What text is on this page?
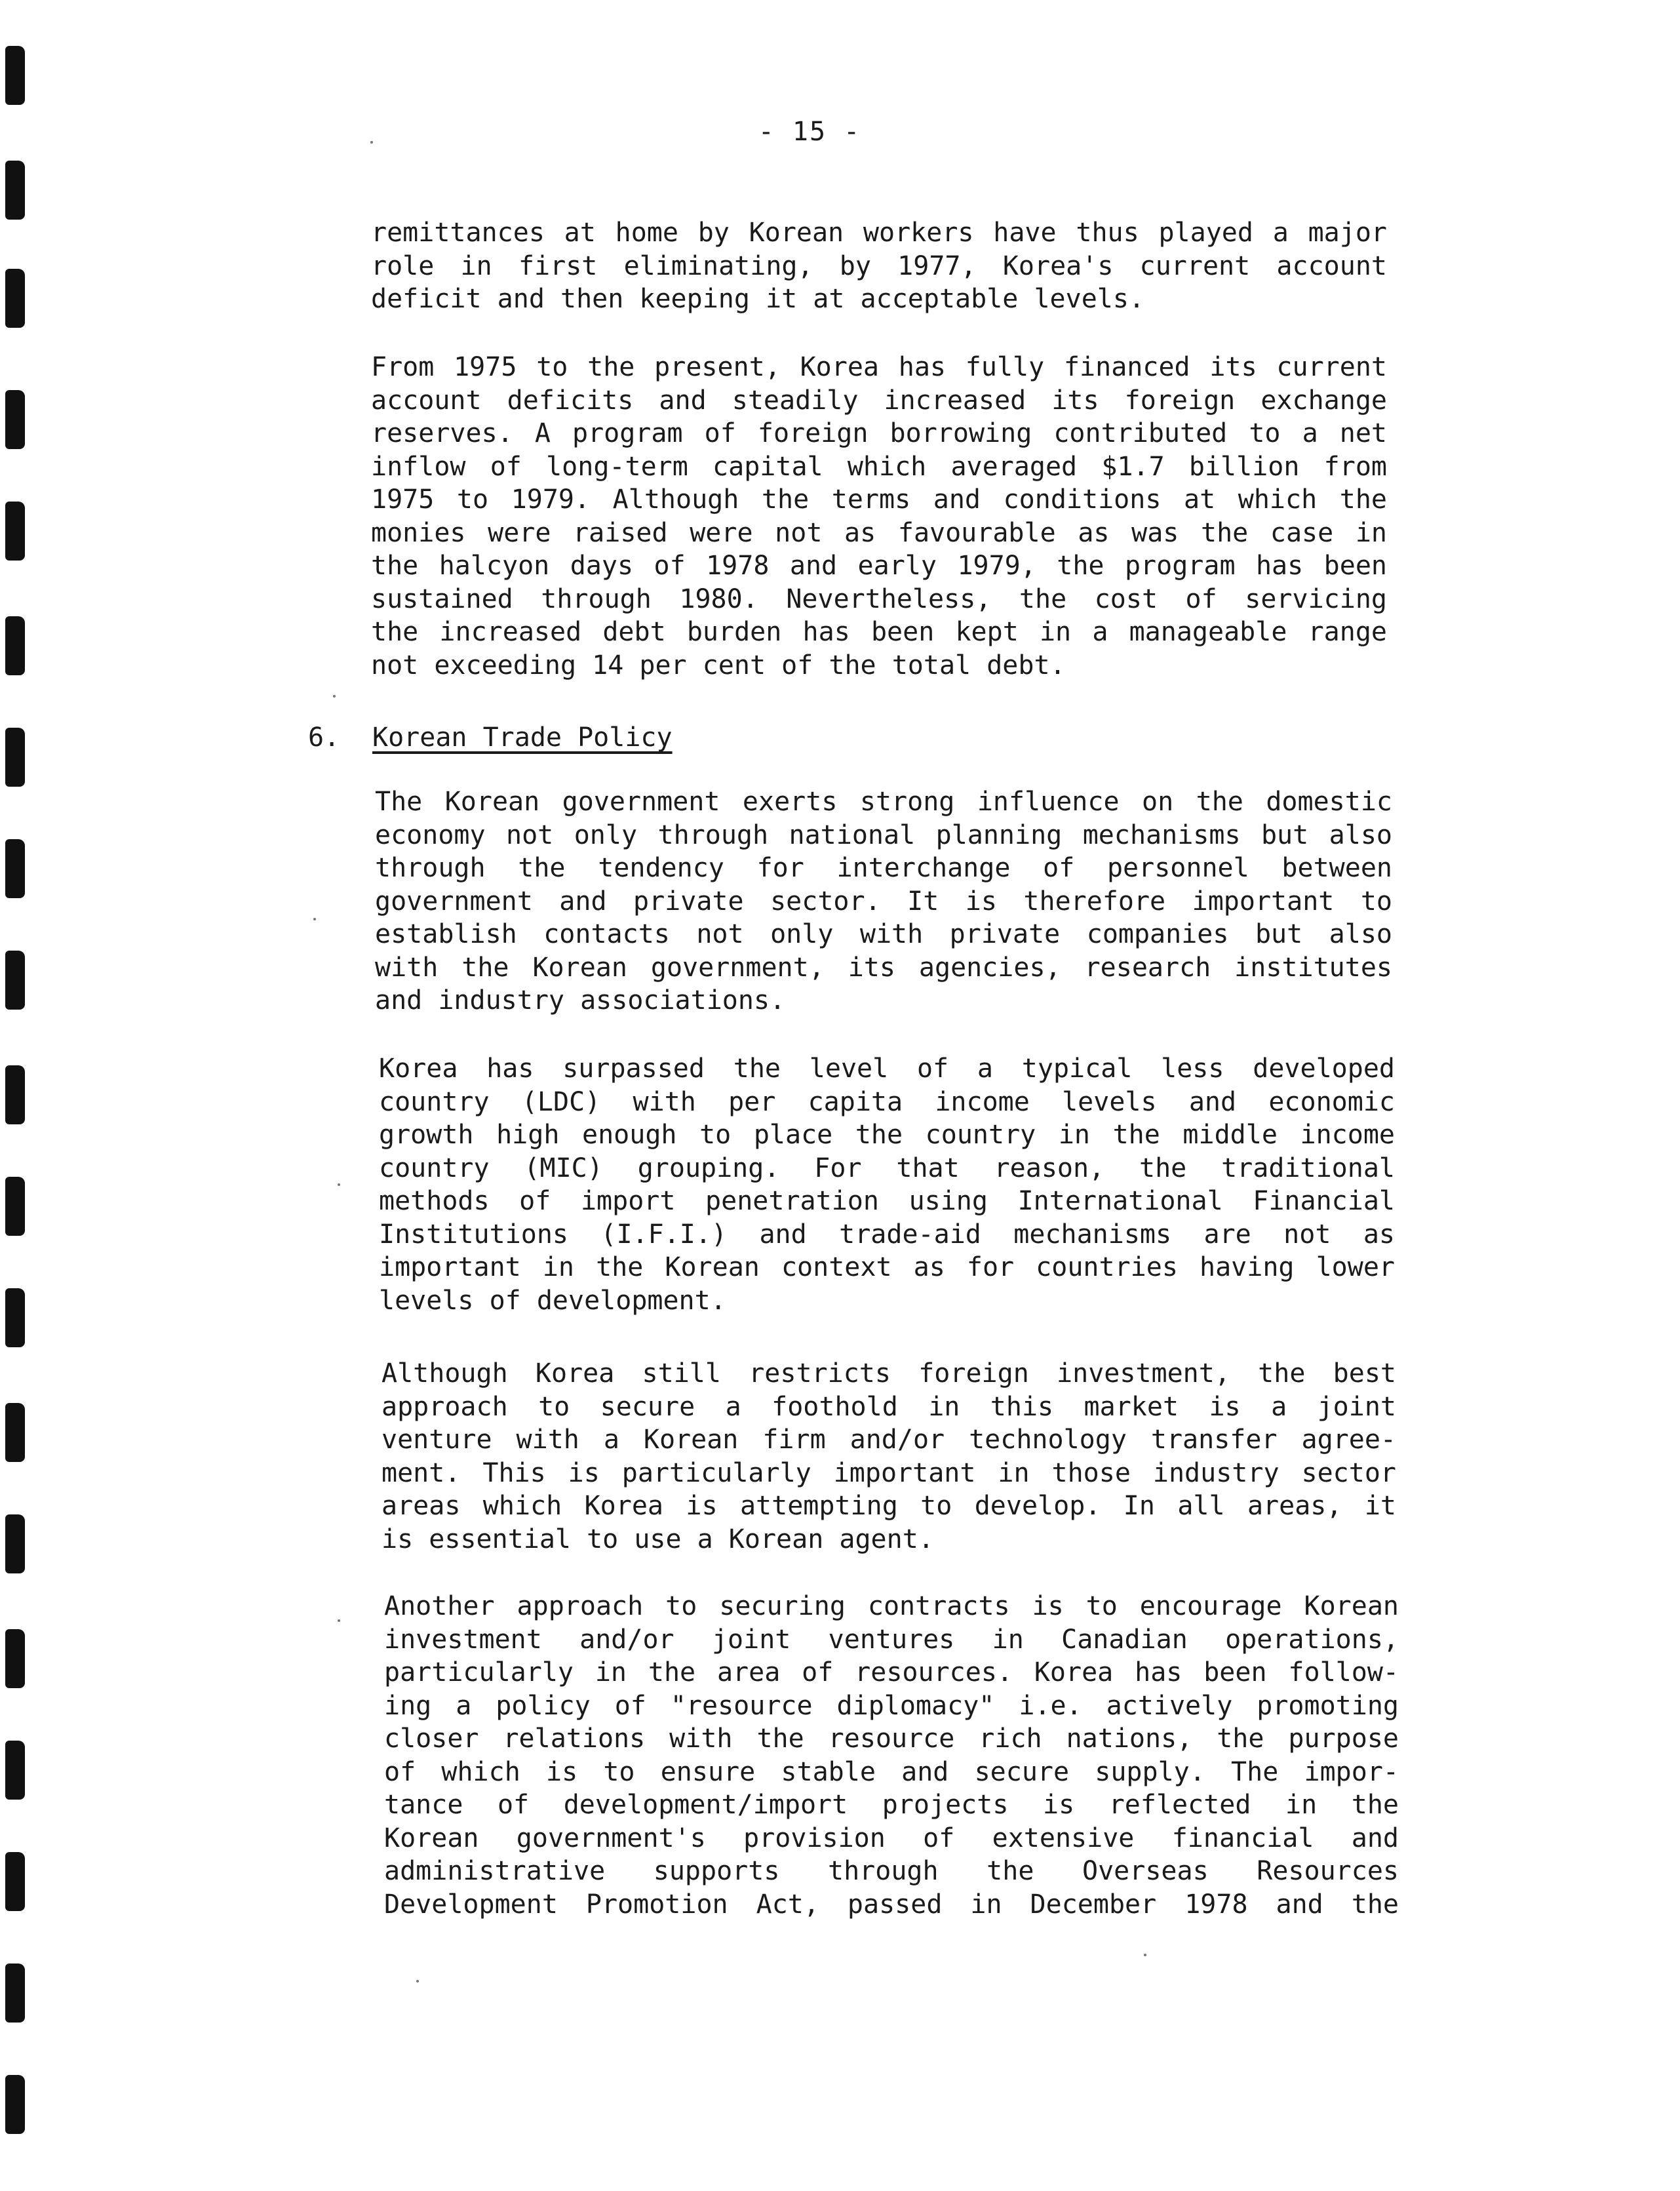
- 15 -
remittances at home by Korean workers have thus played a major
role in first eliminating, by 1977, Korea's current account
deficit and then keeping it at acceptable levels.
From 1975 to the present, Korea has fully financed its current
account deficits and steadily increased its foreign exchange
reserves. A program of foreign borrowing contributed to a net
inflow of long-term capital which averaged $1.7 billion from
1975 to 1979. Although the terms and conditions at which the
monies were raised were not as favourable as was the case in
the halcyon days of 1978 and early 1979, the program has been
sustained through 1980. Nevertheless, the cost of servicing
the increased debt burden has been kept in a manageable range
not exceeding 14 per cent of the total debt.
6. Korean Trade Policy
The Korean government exerts strong influence on the domestic
economy not only through national planning mechanisms but also
through the tendency for interchange of personnel between
government and private sector. It is therefore important to
establish contacts not only with private companies but also
with the Korean government, its agencies, research institutes
and industry associations.
Korea has surpassed the level of a typical less developed
country (LDC) with per capita income levels and economic
growth high enough to place the country in the middle income
country (MIC) grouping. For that reason, the traditional
methods of import penetration using International Financial
Institutions (I.F.I.) and trade-aid mechanisms are not as
important in the Korean context as for countries having lower
levels of development.
Although Korea still restricts foreign investment, the best
approach to secure a foothold in this market is a joint
venture with a Korean firm and/or technology transfer agree-
ment. This is particularly important in those industry sector
areas which Korea is attempting to develop. In all areas, it
is essential to use a Korean agent.
Another approach to securing contracts is to encourage Korean
investment and/or joint ventures in Canadian operations,
particularly in the area of resources. Korea has been follow-
ing a policy of "resource diplomacy" i.e. actively promoting
closer relations with the resource rich nations, the purpose
of which is to ensure stable and secure supply. The impor-
tance of development/import projects is reflected in the
Korean government's provision of extensive financial and
administrative supports through the Overseas Resources
Development Promotion Act, passed in December 1978 and the
